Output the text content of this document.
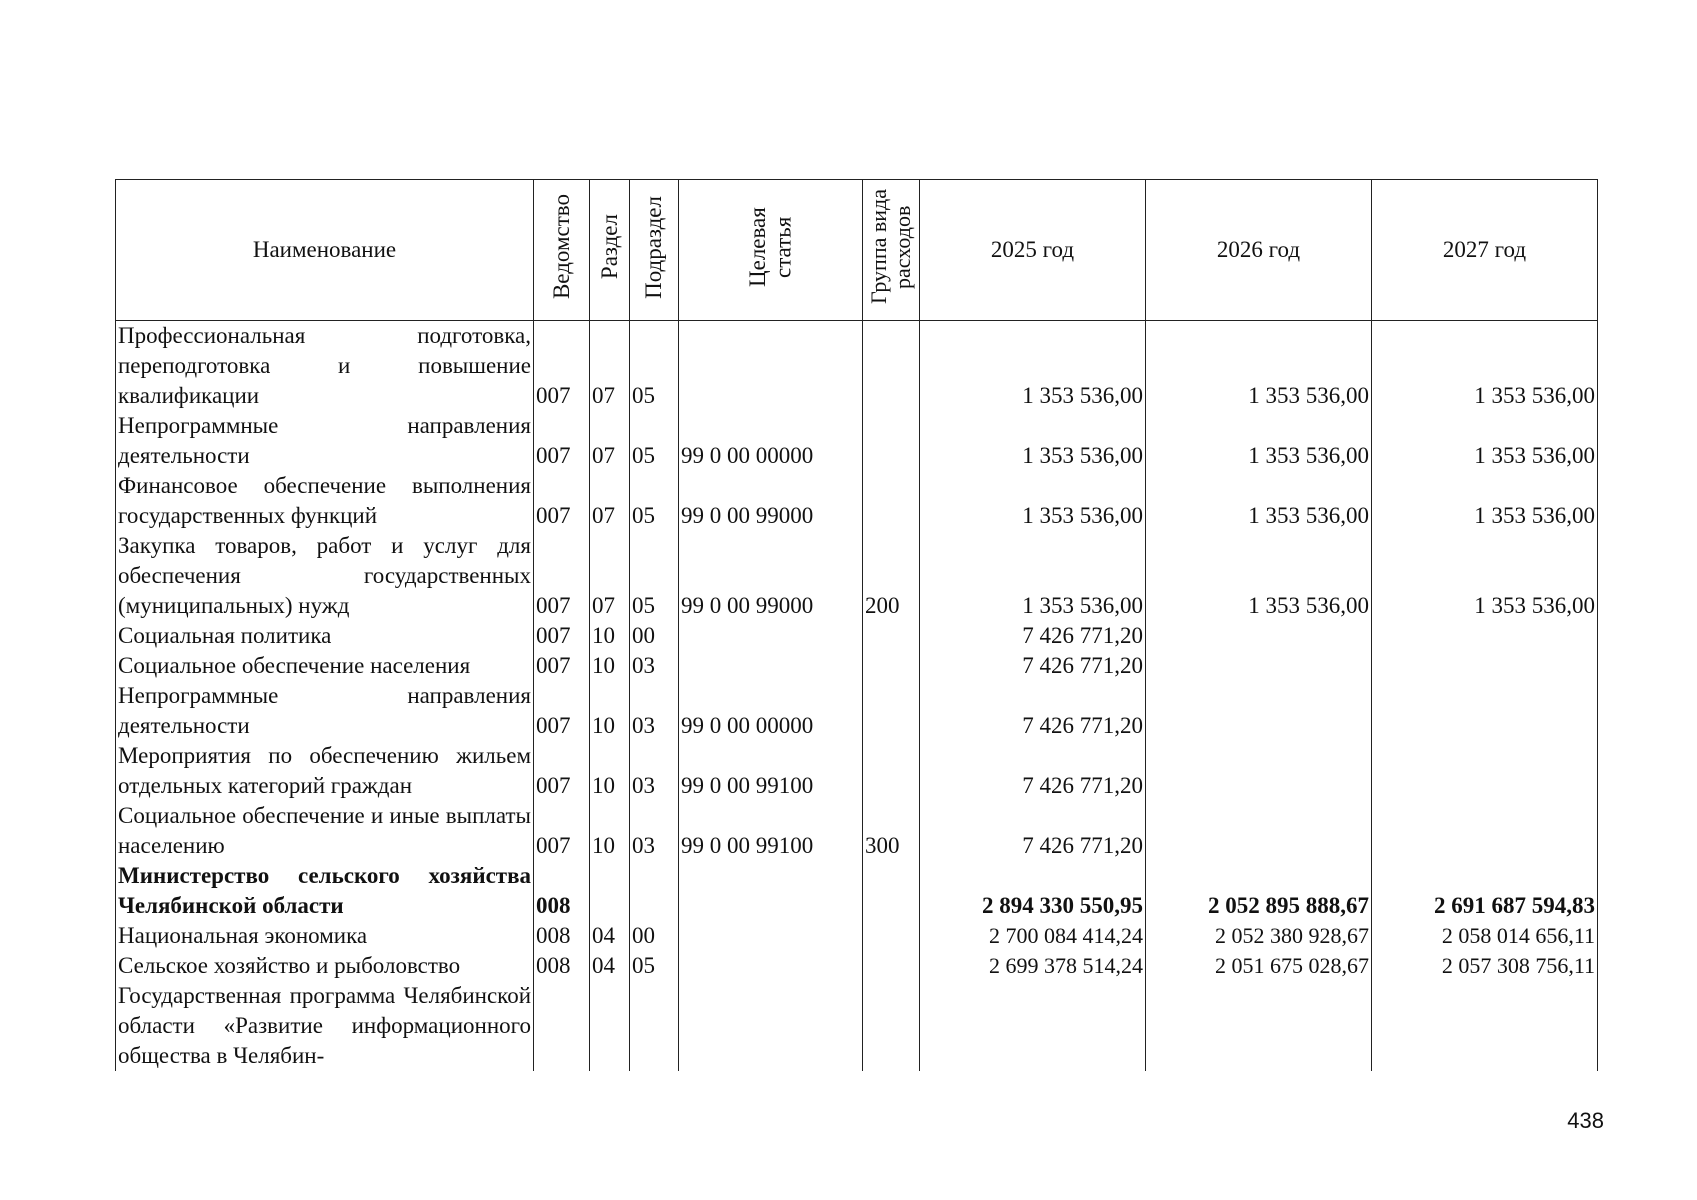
Наименование	Ведомство	Раздел	Подраздел	Целевая статья	Группа вида расходов	2025 год	2026 год	2027 год
Профессиональная подготовка, переподготовка и повышение квалификации	007	07	05			1 353 536,00	1 353 536,00	1 353 536,00
Непрограммные направления деятельности	007	07	05	99 0 00 00000		1 353 536,00	1 353 536,00	1 353 536,00
Финансовое обеспечение выполнения государственных функций	007	07	05	99 0 00 99000		1 353 536,00	1 353 536,00	1 353 536,00
Закупка товаров, работ и услуг для обеспечения государственных (муниципальных) нужд	007	07	05	99 0 00 99000	200	1 353 536,00	1 353 536,00	1 353 536,00
Социальная политика	007	10	00			7 426 771,20		
Социальное обеспечение населения	007	10	03			7 426 771,20		
Непрограммные направления деятельности	007	10	03	99 0 00 00000		7 426 771,20		
Мероприятия по обеспечению жильем отдельных категорий граждан	007	10	03	99 0 00 99100		7 426 771,20		
Социальное обеспечение и иные выплаты населению	007	10	03	99 0 00 99100	300	7 426 771,20		
Министерство сельского хозяйства Челябинской области	008					2 894 330 550,95	2 052 895 888,67	2 691 687 594,83
Национальная экономика	008	04	00			2 700 084 414,24	2 052 380 928,67	2 058 014 656,11
Сельское хозяйство и рыболовство	008	04	05			2 699 378 514,24	2 051 675 028,67	2 057 308 756,11
Государственная программа Челябинской области «Развитие информационного общества в Челябин-								
438
